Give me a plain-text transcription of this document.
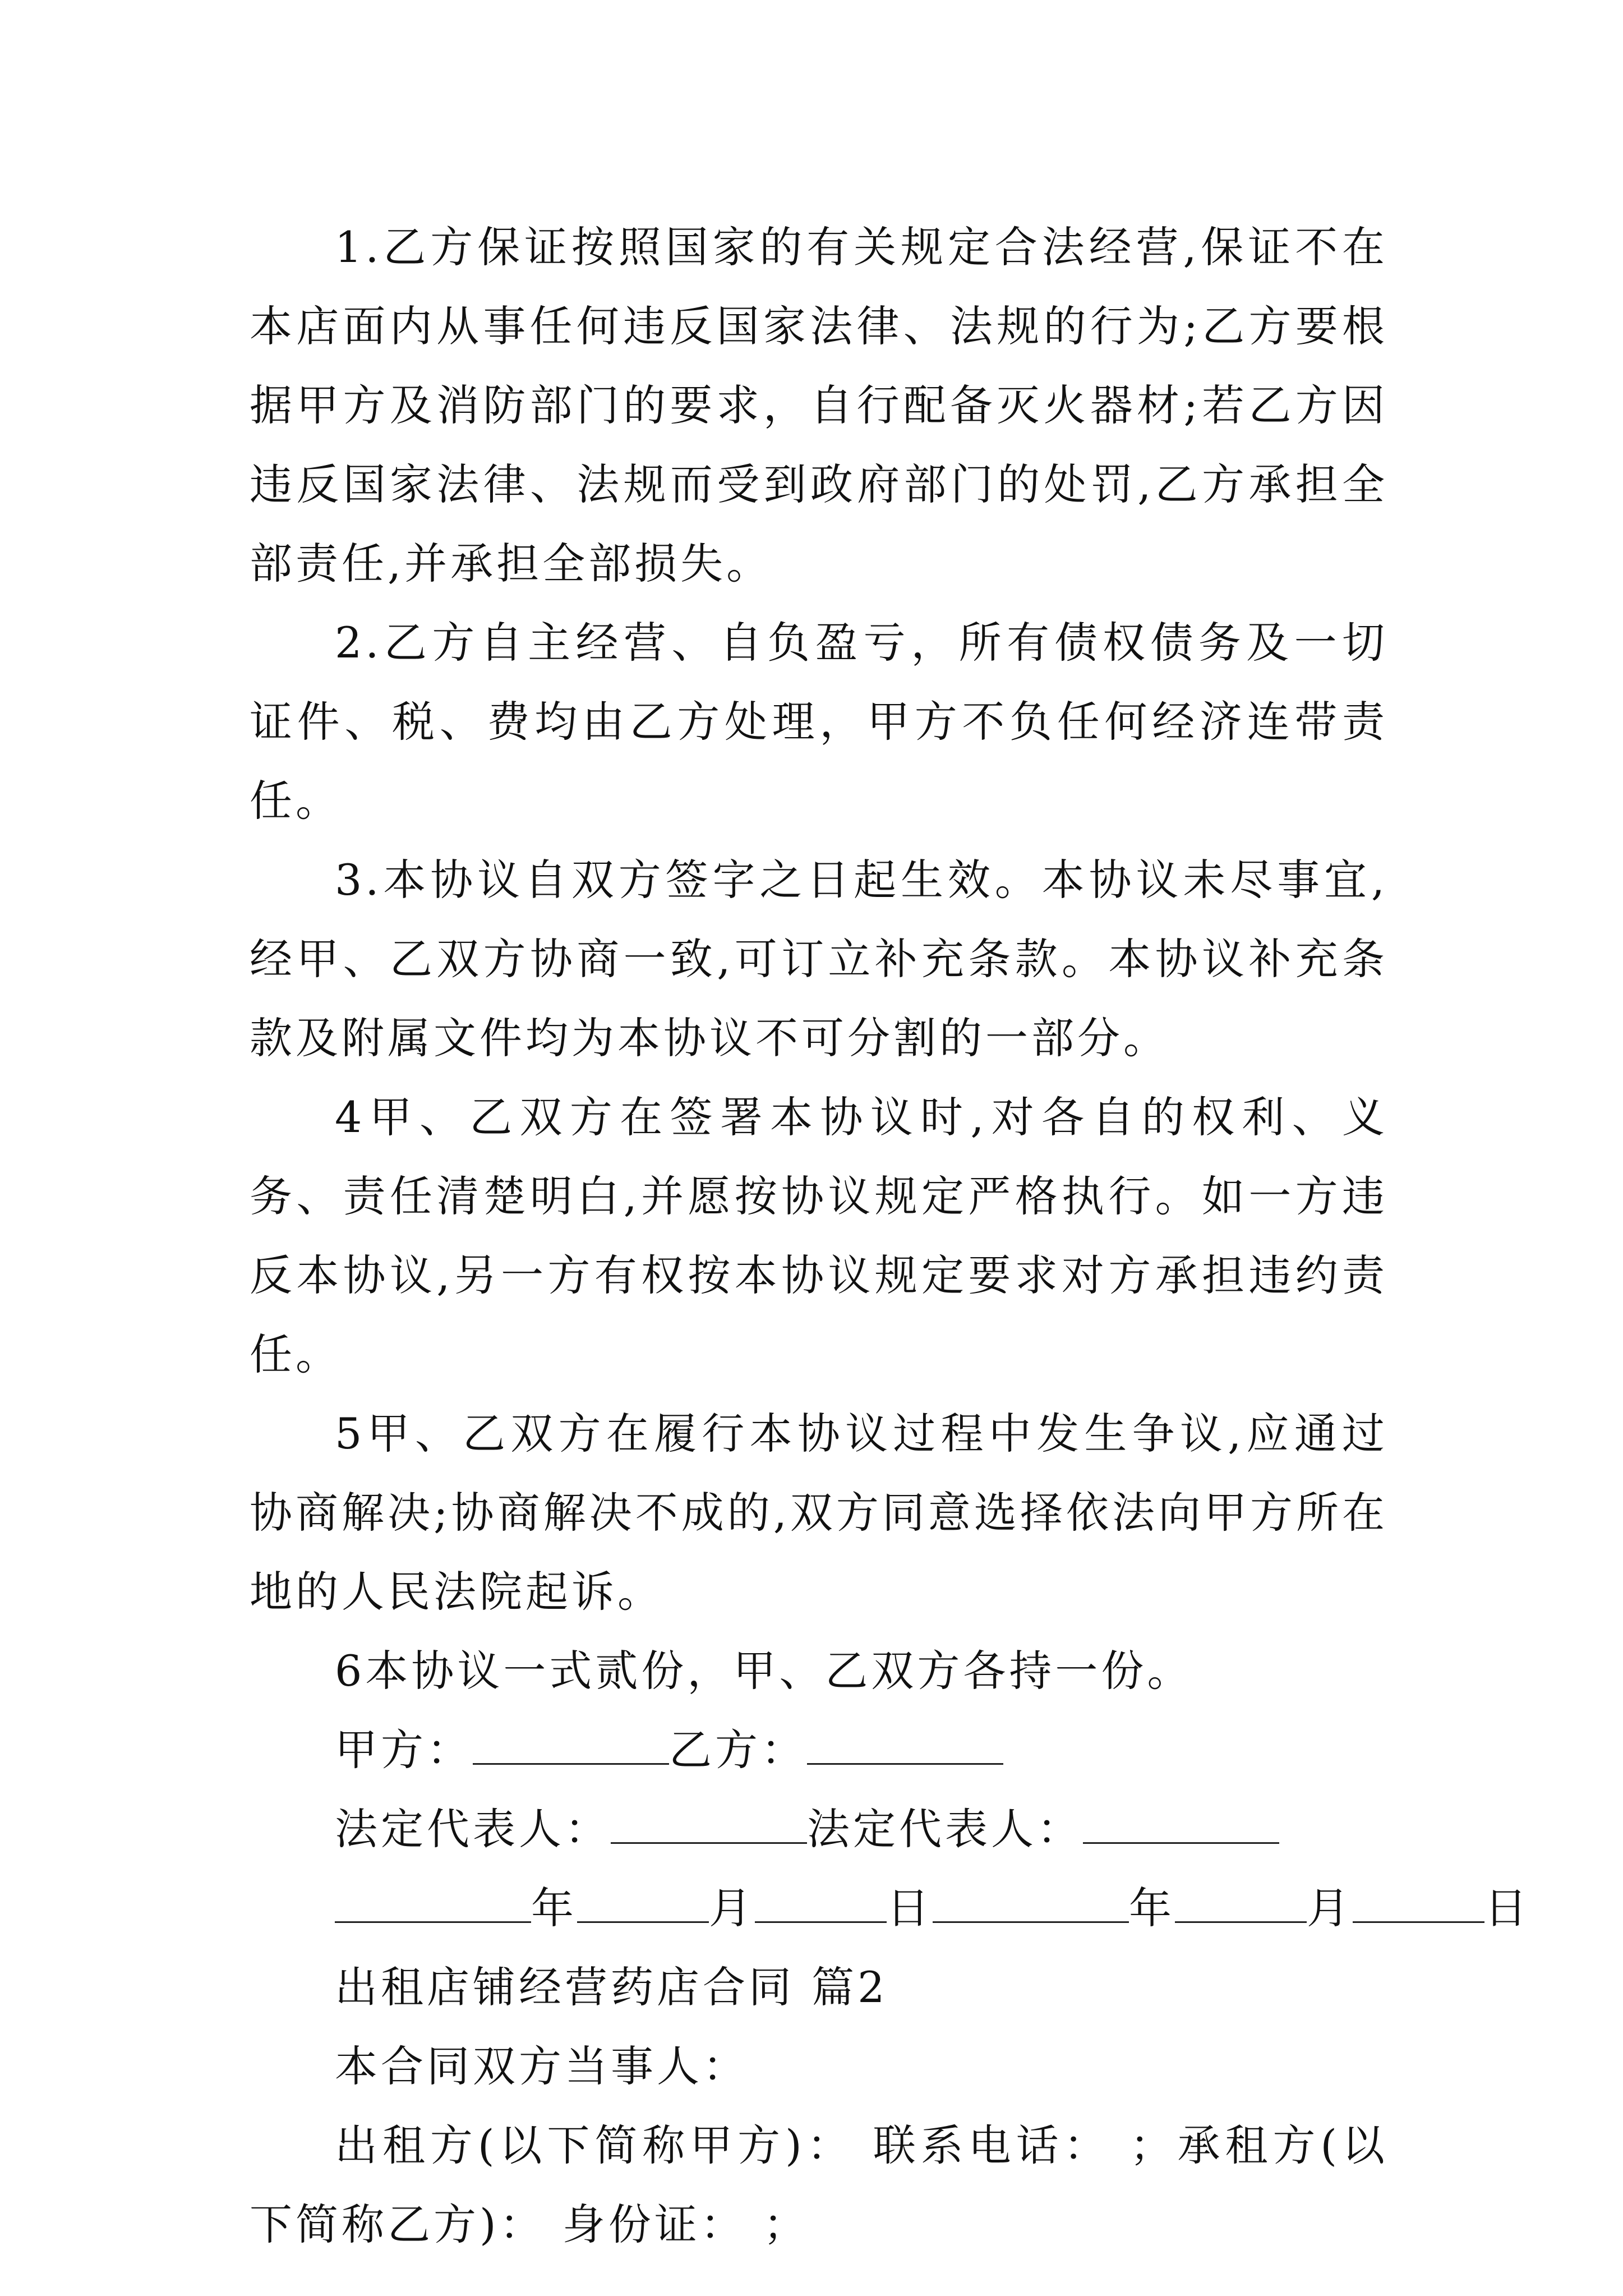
1.乙方保证按照国家的有关规定合法经营,保证不在本店面内从事任何违反国家法律、法规的行为;乙方要根据甲方及消防部门的要求，自行配备灭火器材;若乙方因违反国家法律、法规而受到政府部门的处罚,乙方承担全部责任,并承担全部损失。

2.乙方自主经营、自负盈亏，所有债权债务及一切证件、税、费均由乙方处理，甲方不负任何经济连带责任。

3.本协议自双方签字之日起生效。本协议未尽事宜,经甲、乙双方协商一致,可订立补充条款。本协议补充条款及附属文件均为本协议不可分割的一部分。

4甲、乙双方在签署本协议时,对各自的权利、义务、责任清楚明白,并愿按协议规定严格执行。如一方违反本协议,另一方有权按本协议规定要求对方承担违约责任。

5甲、乙双方在履行本协议过程中发生争议,应通过协商解决;协商解决不成的,双方同意选择依法向甲方所在地的人民法院起诉。

6本协议一式贰份，甲、乙双方各持一份。

甲方：	乙方：

法定代表人：	法定代表人：

年	月	日	年	月	日

出租店铺经营药店合同 篇2

本合同双方当事人：

出租方(以下简称甲方)： 联系电话： ；承租方(以下简称乙方)： 身份证： ；
